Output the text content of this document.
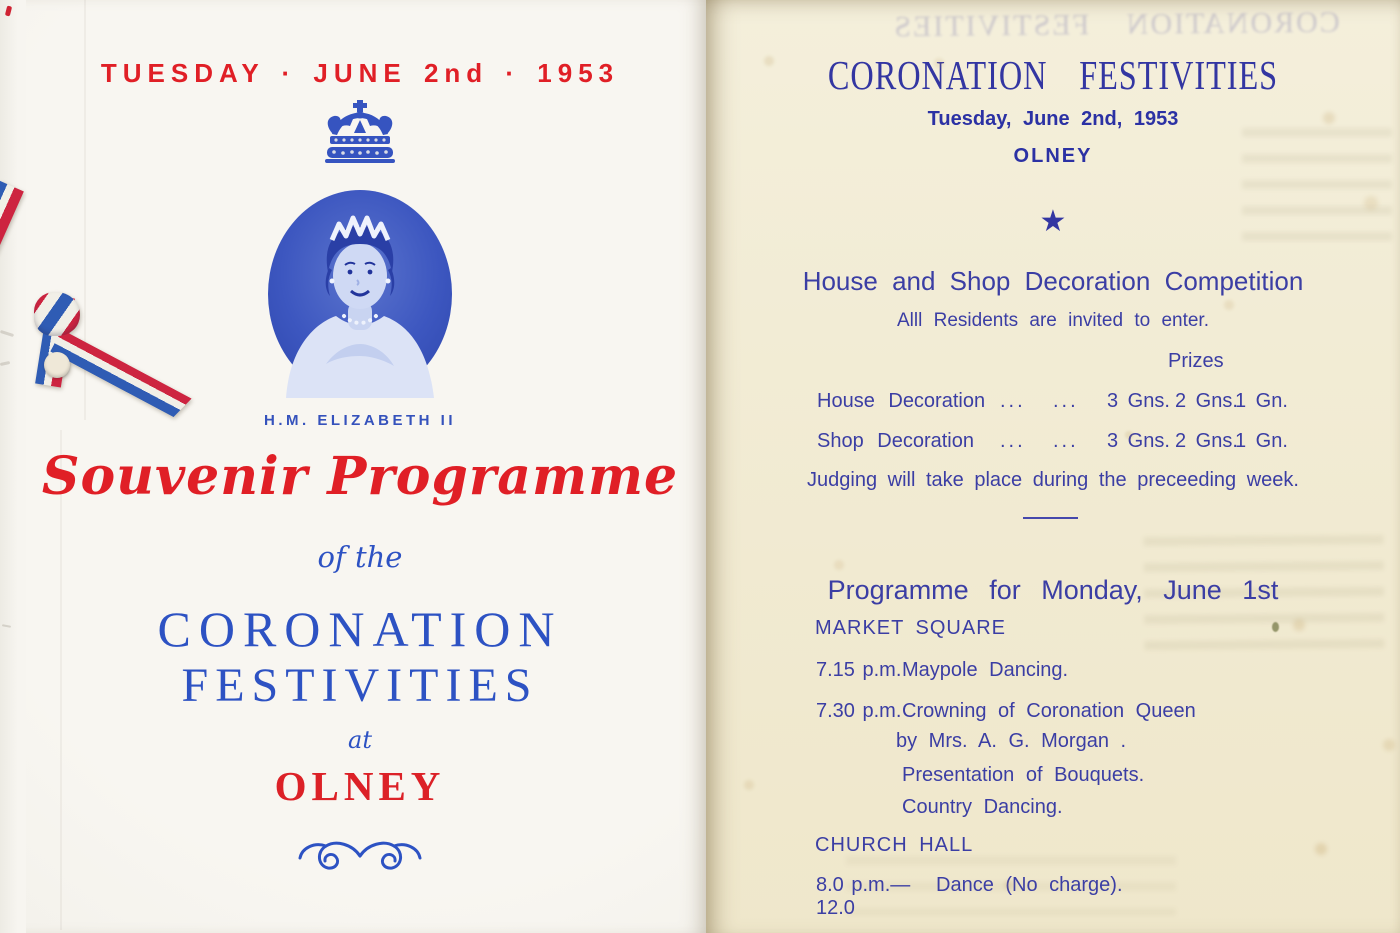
TUESDAY · JUNE 2nd · 1953
H.M. ELIZABETH II
Souvenir Programme
of the
CORONATION
FESTIVITIES
at
OLNEY
CORONATION FESTIVITIES
CORONATION FESTIVITIES
Tuesday, June 2nd, 1953
OLNEY
★
House and Shop Decoration Competition
Alll Residents are invited to enter.
Prizes
House Decoration ... ... 3 Gns. 2 Gns.
1 Gn.
Shop Decoration ... ... 3 Gns. 2 Gns.
1 Gn.
Judging will take place during the preceeding week.
Programme for Monday, June 1st
MARKET SQUARE
7.15 p.m. Maypole Dancing.
7.30 p.m. Crowning of Coronation Queen
by Mrs. A. G. Morgan .
Presentation of Bouquets.
Country Dancing.
CHURCH HALL
8.0 p.m.—12.0
Dance (No charge).
